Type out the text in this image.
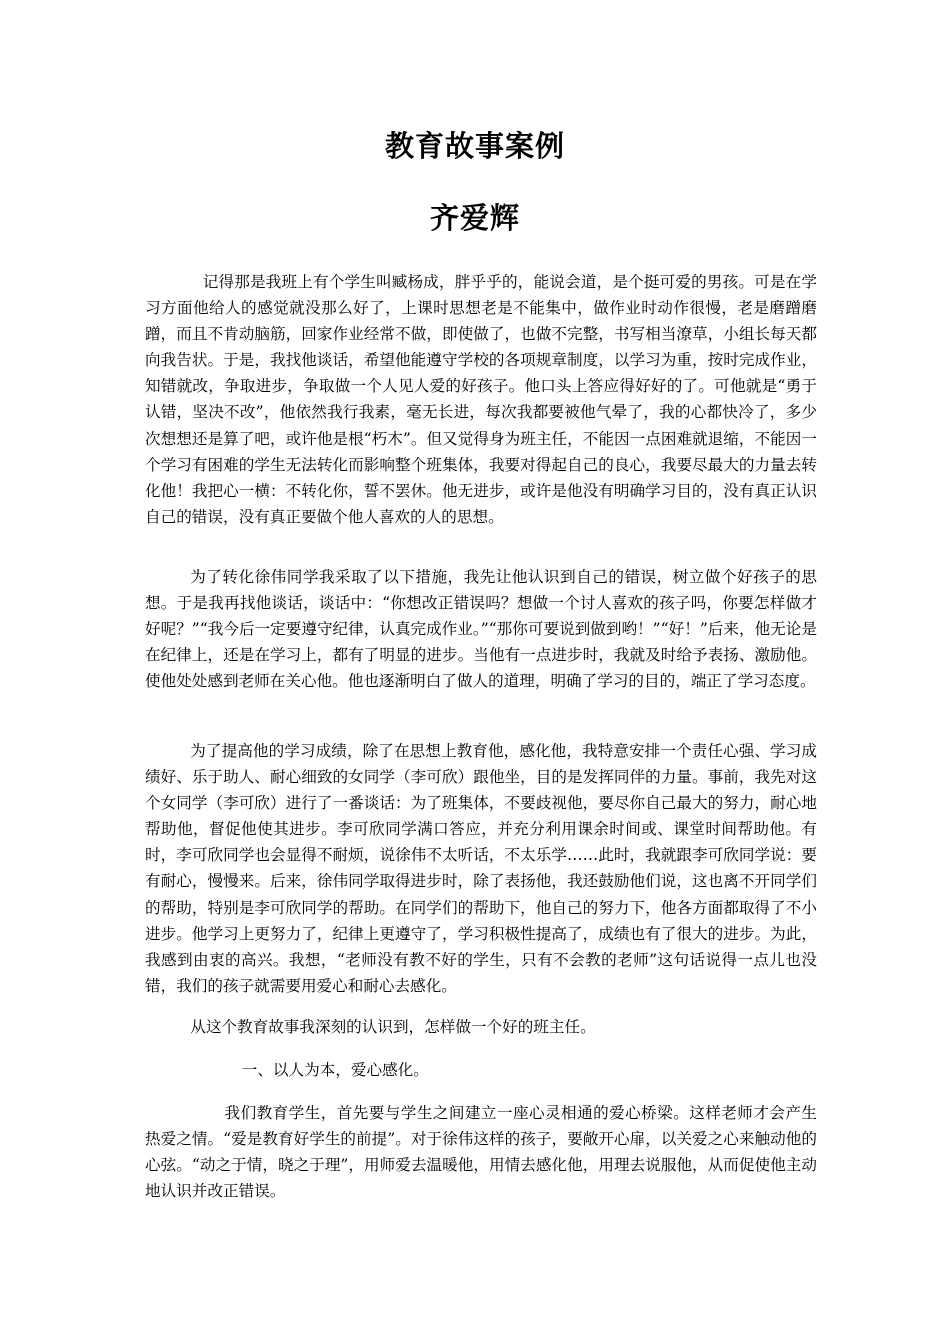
教育故事案例
齐爱辉

记得那是我班上有个学生叫臧杨成，胖乎乎的，能说会道，是个挺可爱的男孩。可是在学习方面他给人的感觉就没那么好了，上课时思想老是不能集中，做作业时动作很慢，老是磨蹭磨蹭，而且不肯动脑筋，回家作业经常不做，即使做了，也做不完整，书写相当潦草，小组长每天都向我告状。于是，我找他谈话，希望他能遵守学校的各项规章制度，以学习为重，按时完成作业，知错就改，争取进步，争取做一个人见人爱的好孩子。他口头上答应得好好的了。可他就是“勇于认错，坚决不改”，他依然我行我素，毫无长进，每次我都要被他气晕了，我的心都快冷了，多少次想想还是算了吧，或许他是根“朽木”。但又觉得身为班主任，不能因一点困难就退缩，不能因一个学习有困难的学生无法转化而影响整个班集体，我要对得起自己的良心，我要尽最大的力量去转化他！我把心一横：不转化你，誓不罢休。他无进步，或许是他没有明确学习目的，没有真正认识自己的错误，没有真正要做个他人喜欢的人的思想。

为了转化徐伟同学我采取了以下措施，我先让他认识到自己的错误，树立做个好孩子的思想。于是我再找他谈话，谈话中：“你想改正错误吗？想做一个讨人喜欢的孩子吗，你要怎样做才好呢？”“我今后一定要遵守纪律，认真完成作业。”“那你可要说到做到哟！”“好！”后来，他无论是在纪律上，还是在学习上，都有了明显的进步。当他有一点进步时，我就及时给予表扬、激励他。使他处处感到老师在关心他。他也逐渐明白了做人的道理，明确了学习的目的，端正了学习态度。

为了提高他的学习成绩，除了在思想上教育他，感化他，我特意安排一个责任心强、学习成绩好、乐于助人、耐心细致的女同学（李可欣）跟他坐，目的是发挥同伴的力量。事前，我先对这个女同学（李可欣）进行了一番谈话：为了班集体，不要歧视他，要尽你自己最大的努力，耐心地帮助他，督促他使其进步。李可欣同学满口答应，并充分利用课余时间或、课堂时间帮助他。有时，李可欣同学也会显得不耐烦，说徐伟不太听话，不太乐学……此时，我就跟李可欣同学说：要有耐心，慢慢来。后来，徐伟同学取得进步时，除了表扬他，我还鼓励他们说，这也离不开同学们的帮助，特别是李可欣同学的帮助。在同学们的帮助下，他自己的努力下，他各方面都取得了不小进步。他学习上更努力了，纪律上更遵守了，学习积极性提高了，成绩也有了很大的进步。为此，我感到由衷的高兴。我想，“老师没有教不好的学生，只有不会教的老师”这句话说得一点儿也没错，我们的孩子就需要用爱心和耐心去感化。

从这个教育故事我深刻的认识到，怎样做一个好的班主任。

一、以人为本，爱心感化。

我们教育学生，首先要与学生之间建立一座心灵相通的爱心桥梁。这样老师才会产生热爱之情。“爱是教育好学生的前提”。对于徐伟这样的孩子，要敞开心扉，以关爱之心来触动他的心弦。“动之于情，晓之于理”，用师爱去温暖他，用情去感化他，用理去说服他，从而促使他主动地认识并改正错误。
